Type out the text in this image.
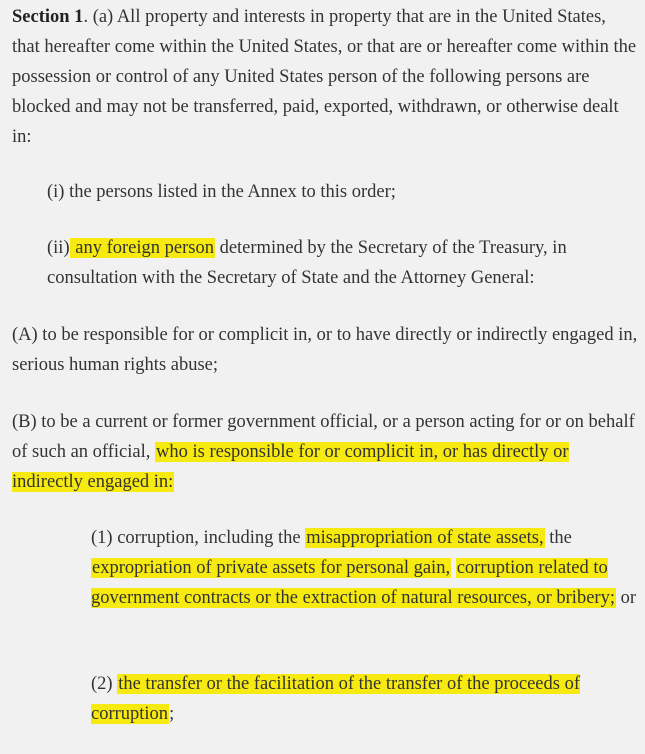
Section 1. (a) All property and interests in property that are in the United States, that hereafter come within the United States, or that are or hereafter come within the possession or control of any United States person of the following persons are blocked and may not be transferred, paid, exported, withdrawn, or otherwise dealt in:

(i) the persons listed in the Annex to this order;

(ii) any foreign person determined by the Secretary of the Treasury, in consultation with the Secretary of State and the Attorney General:

(A) to be responsible for or complicit in, or to have directly or indirectly engaged in, serious human rights abuse;

(B) to be a current or former government official, or a person acting for or on behalf of such an official, who is responsible for or complicit in, or has directly or indirectly engaged in:

(1) corruption, including the misappropriation of state assets, the expropriation of private assets for personal gain, corruption related to government contracts or the extraction of natural resources, or bribery; or

(2) the transfer or the facilitation of the transfer of the proceeds of corruption;
